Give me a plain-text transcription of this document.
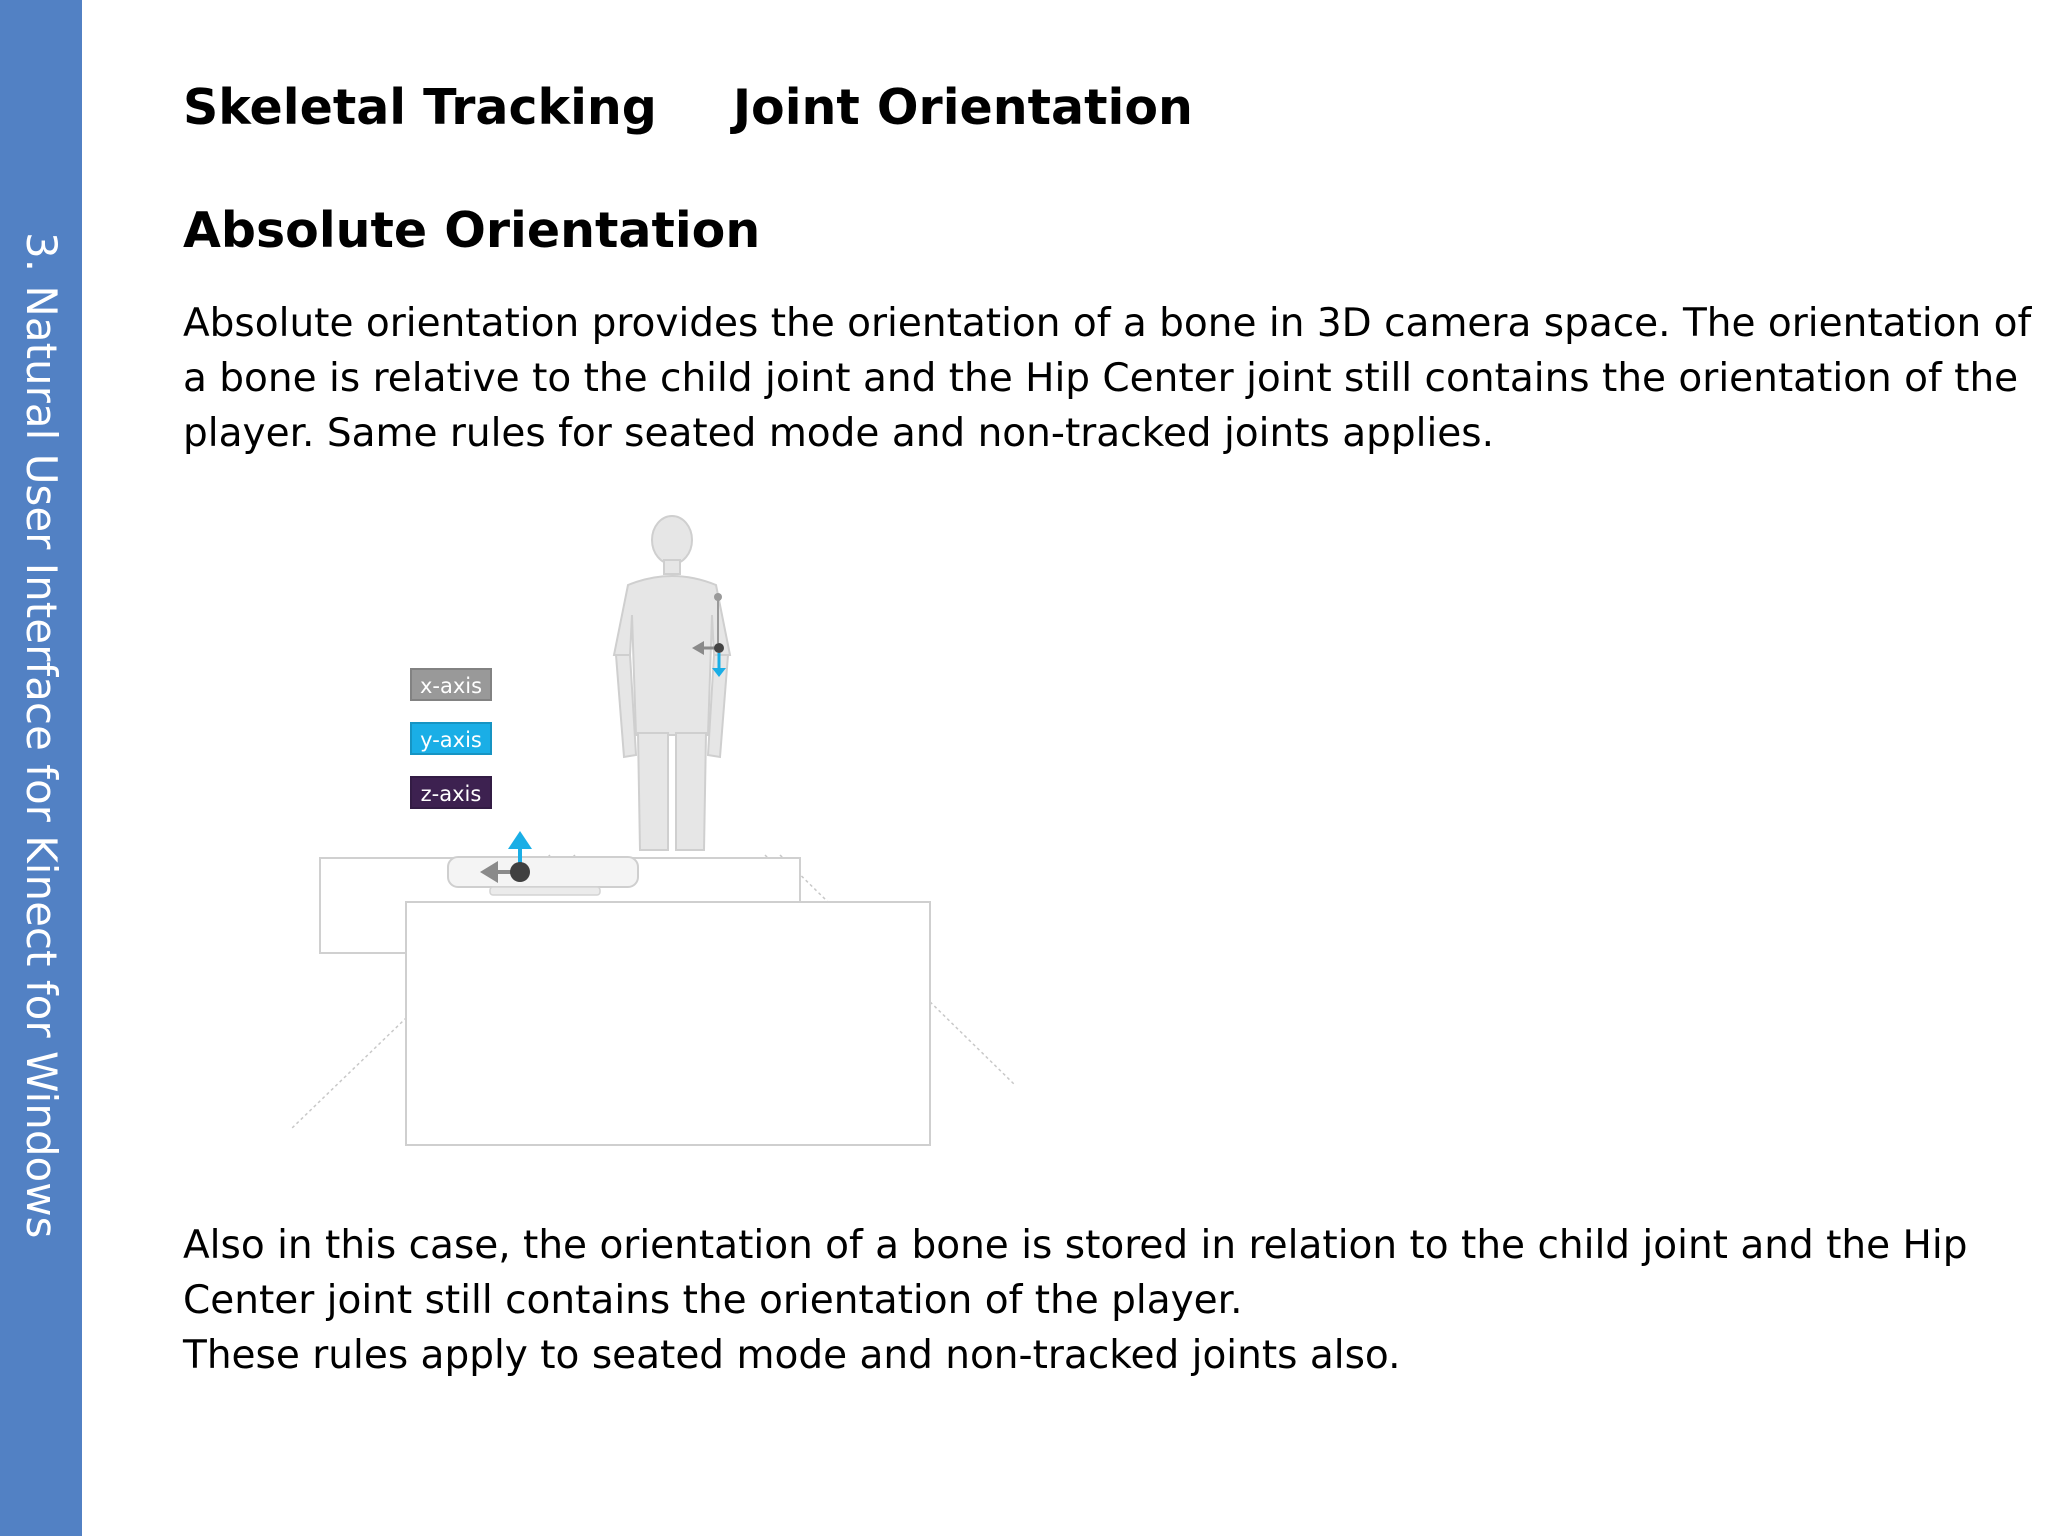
3. Natural User Interface for Kinect for Windows
Skeletal Tracking Joint Orientation
Absolute Orientation

Absolute orientation provides the orientation of a bone in 3D camera space. The orientation of a bone is relative to the child joint and the Hip Center joint still contains the orientation of the player. Same rules for seated mode and non-tracked joints applies.

x-axis
y-axis
z-axis

Also in this case, the orientation of a bone is stored in relation to the child joint and the Hip Center joint still contains the orientation of the player.
These rules apply to seated mode and non-tracked joints also.
